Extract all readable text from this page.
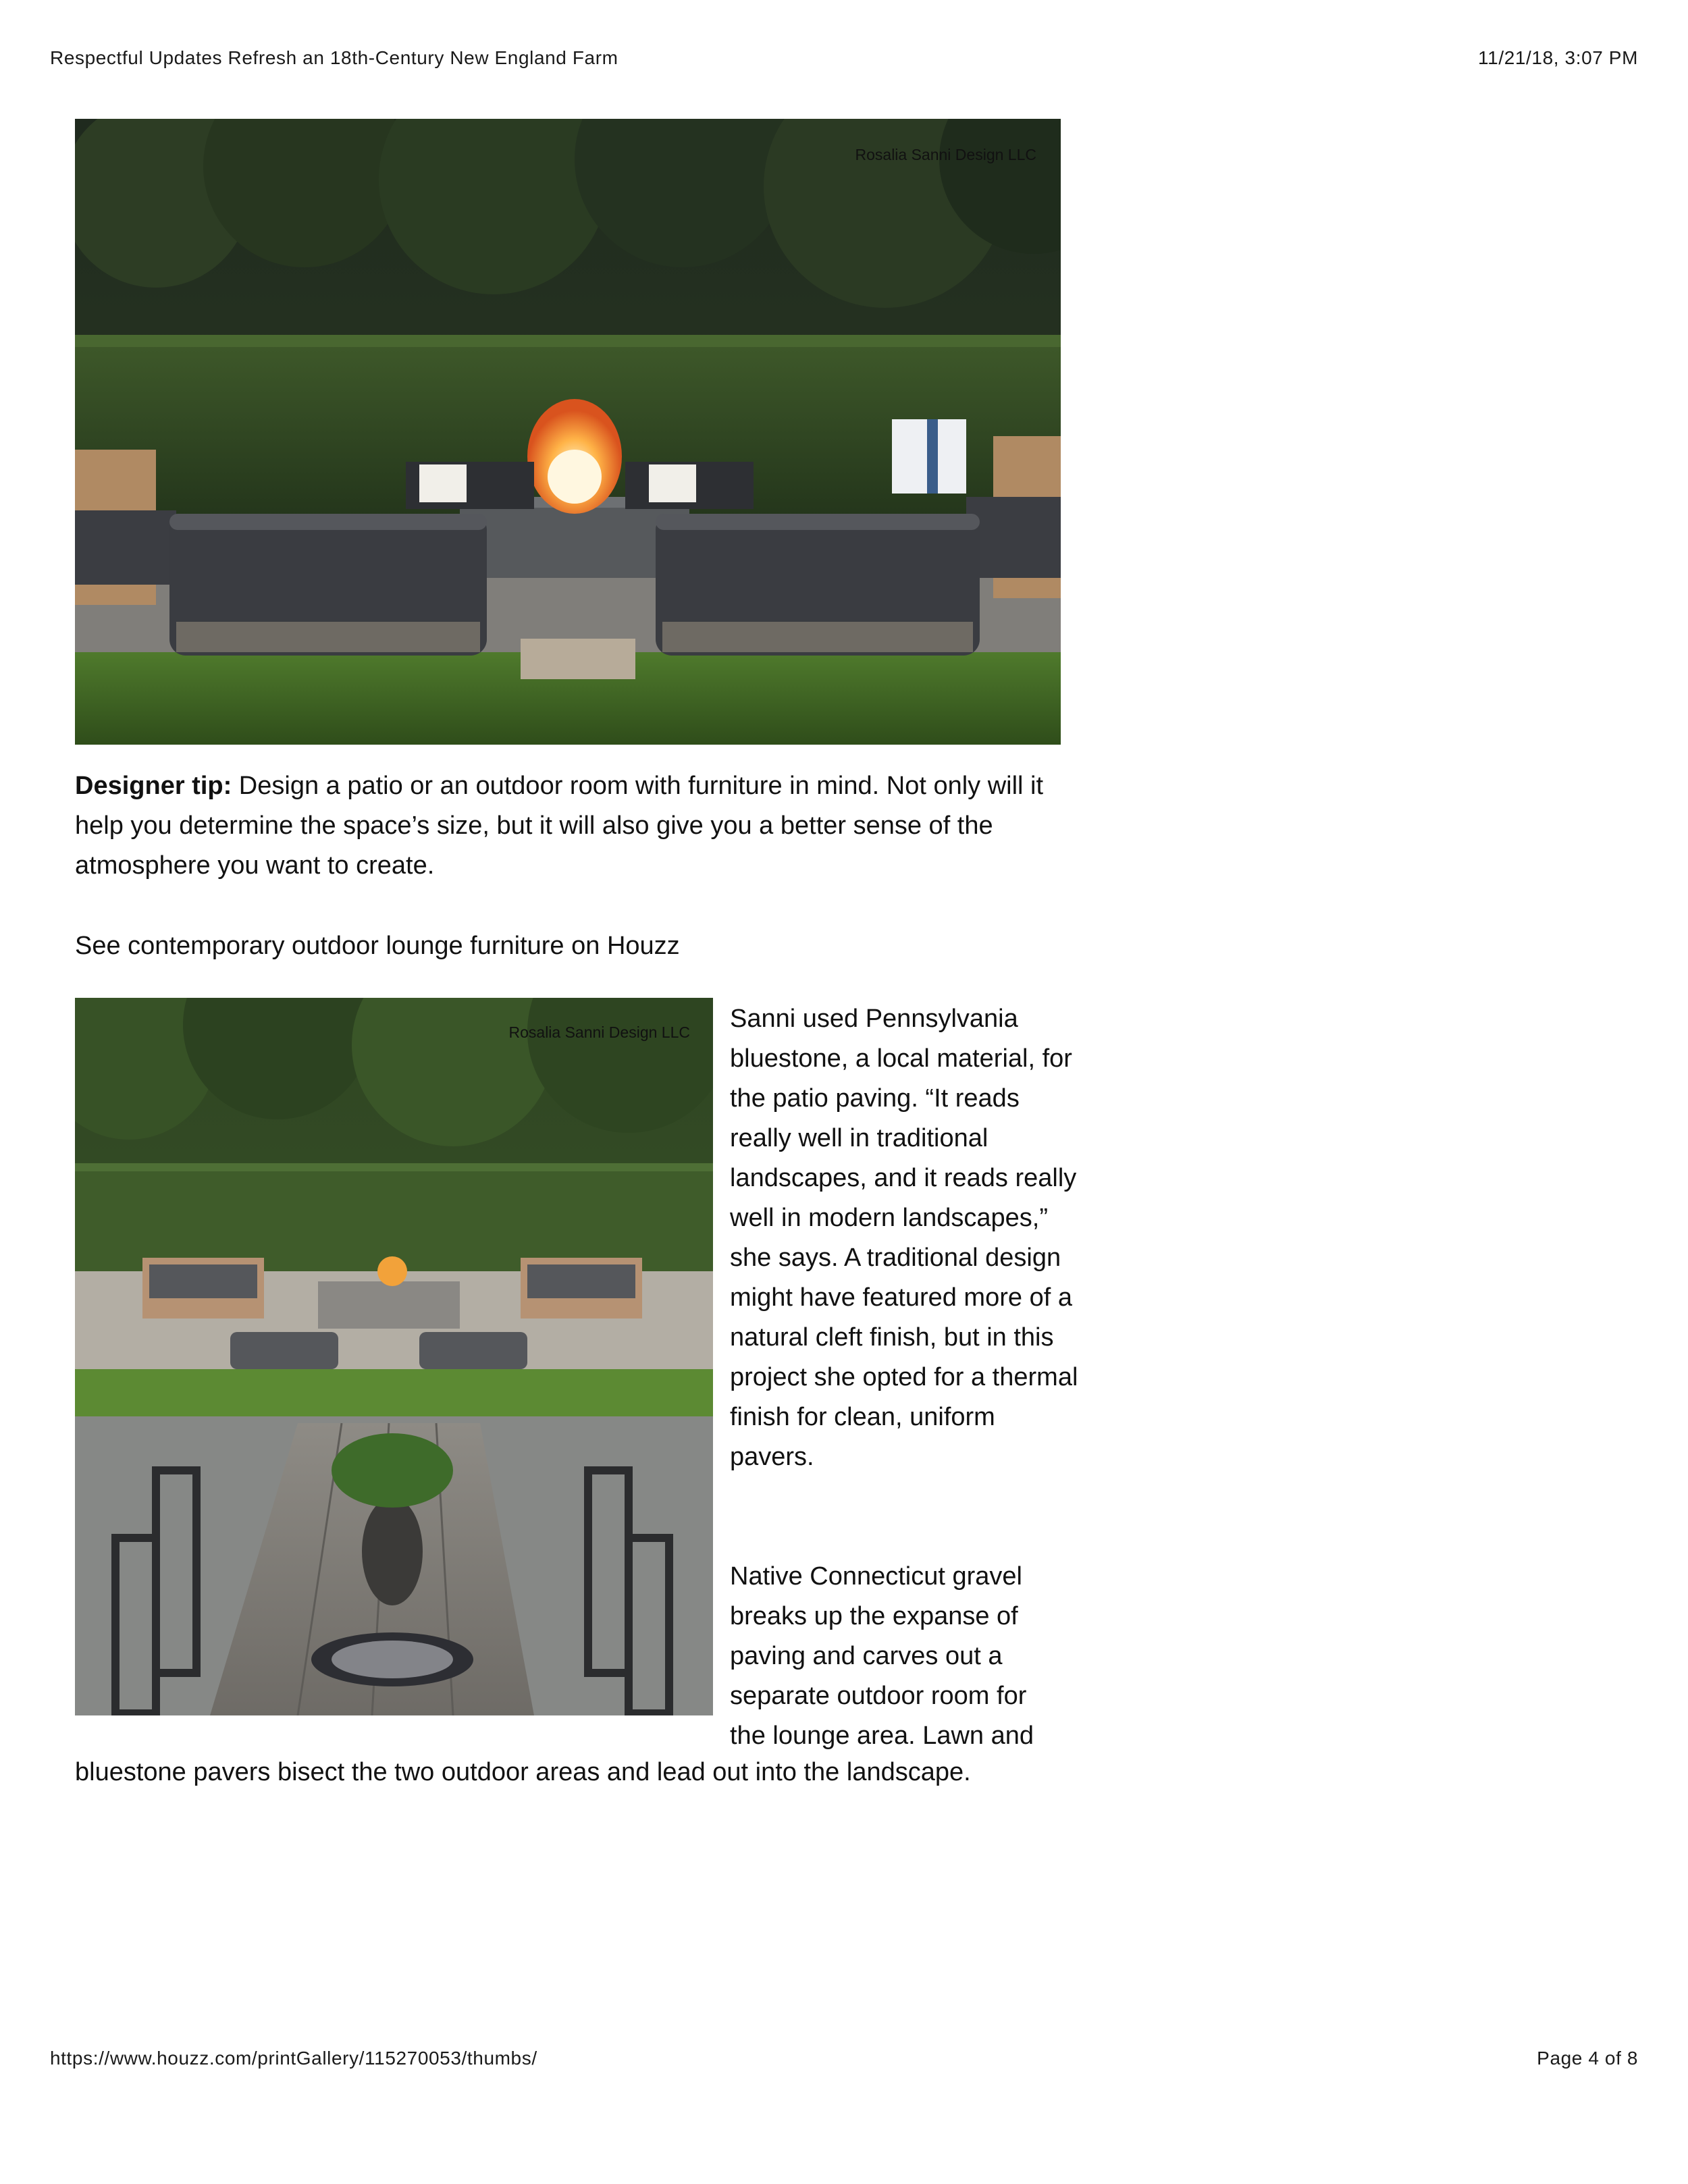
Respectful Updates Refresh an 18th-Century New England Farm	11/21/18, 3:07 PM
Rosalia Sanni Design LLC
Designer tip: Design a patio or an outdoor room with furniture in mind. Not only will it help you determine the space’s size, but it will also give you a better sense of the atmosphere you want to create.
See contemporary outdoor lounge furniture on Houzz
Rosalia Sanni Design LLC Sanni used Pennsylvania bluestone, a local material, for the patio paving. “It reads really well in traditional landscapes, and it reads really well in modern landscapes,” she says. A traditional design might have featured more of a natural cleft finish, but in this project she opted for a thermal finish for clean, uniform pavers.

Native Connecticut gravel breaks up the expanse of paving and carves out a separate outdoor room for

the lounge area. Lawn and
bluestone pavers bisect the two outdoor areas and lead out into the landscape.
https://www.houzz.com/printGallery/115270053/thumbs/	Page 4 of 8
